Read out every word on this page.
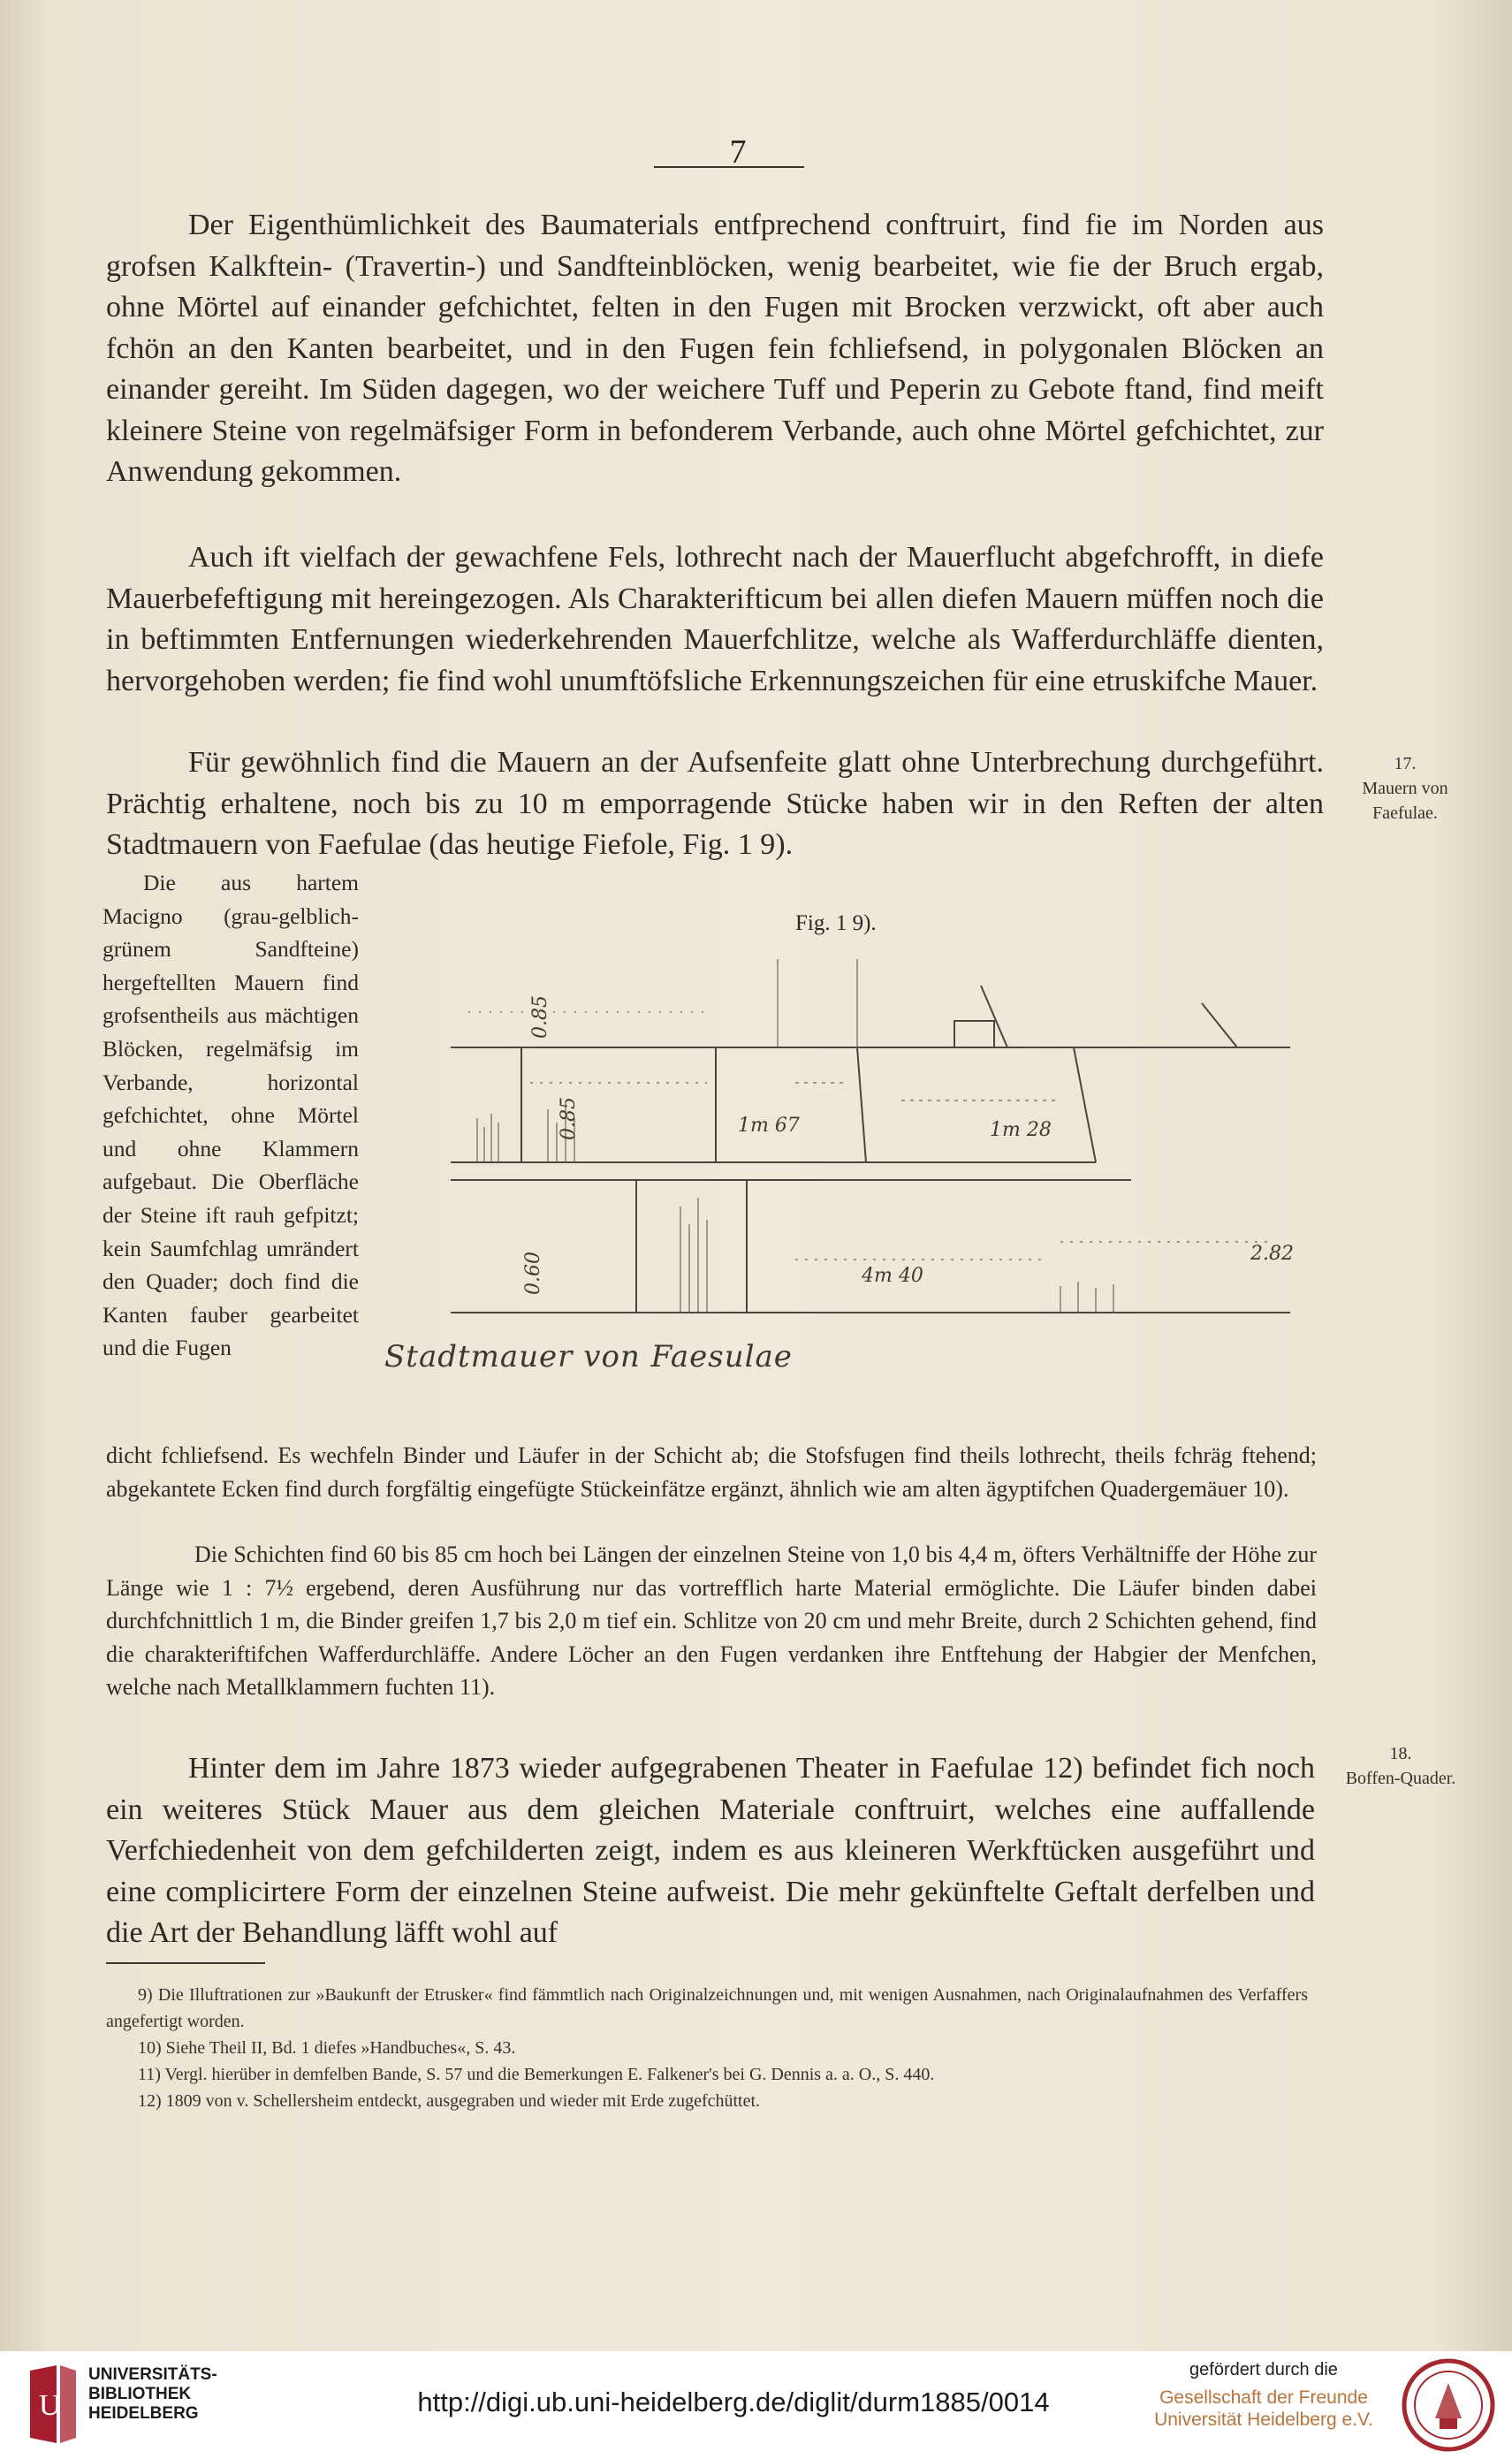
7

Der Eigenthümlichkeit des Baumaterials entfprechend conftruirt, find fie im Norden aus grofsen Kalkftein- (Travertin-) und Sandfteinblöcken, wenig bearbeitet, wie fie der Bruch ergab, ohne Mörtel auf einander gefchichtet, felten in den Fugen mit Brocken verzwickt, oft aber auch fchön an den Kanten bearbeitet, und in den Fugen fein fchliefsend, in polygonalen Blöcken an einander gereiht. Im Süden dagegen, wo der weichere Tuff und Peperin zu Gebote ftand, find meift kleinere Steine von regelmäfsiger Form in befonderem Verbande, auch ohne Mörtel gefchichtet, zur Anwendung gekommen.

Auch ift vielfach der gewachfene Fels, lothrecht nach der Mauerflucht abgefchrofft, in diefe Mauerbefeftigung mit hereingezogen. Als Charakterifticum bei allen diefen Mauern müffen noch die in beftimmten Entfernungen wiederkehrenden Mauerfchlitze, welche als Wafferdurchläffe dienten, hervorgehoben werden; fie find wohl unumftöfsliche Erkennungszeichen für eine etruskifche Mauer.

Für gewöhnlich find die Mauern an der Aufsenfeite glatt ohne Unterbrechung durchgeführt. Prächtig erhaltene, noch bis zu 10 m emporragende Stücke haben wir in den Reften der alten Stadtmauern von Faefulae (das heutige Fiefole, Fig. 1 9).

17.
Mauern von Faefulae.
Die aus hartem Macigno (grau-gelblich-grünem Sandfteine) hergeftellten Mauern find grofsentheils aus mächtigen Blöcken, regelmäfsig im Verbande, horizontal gefchichtet, ohne Mörtel und ohne Klammern aufgebaut. Die Oberfläche der Steine ift rauh gefpitzt; kein Saumfchlag umrändert den Quader; doch find die Kanten fauber gearbeitet und die Fugen
Fig. 1 9).
0.85
0.85
0.60
1m 67	1m 28
4m 40
2.82
Stadtmauer von Faesulae

dicht fchliefsend. Es wechfeln Binder und Läufer in der Schicht ab; die Stofsfugen find theils lothrecht, theils fchräg ftehend; abgekantete Ecken find durch forgfältig eingefügte Stückeinfätze ergänzt, ähnlich wie am alten ägyptifchen Quadergemäuer 10).

Die Schichten find 60 bis 85 cm hoch bei Längen der einzelnen Steine von 1,0 bis 4,4 m, öfters Verhältniffe der Höhe zur Länge wie 1 : 7½ ergebend, deren Ausführung nur das vortrefflich harte Material ermöglichte. Die Läufer binden dabei durchfchnittlich 1 m, die Binder greifen 1,7 bis 2,0 m tief ein. Schlitze von 20 cm und mehr Breite, durch 2 Schichten gehend, find die charakteriftifchen Wafferdurchläffe. Andere Löcher an den Fugen verdanken ihre Entftehung der Habgier der Menfchen, welche nach Metallklammern fuchten 11).

Hinter dem im Jahre 1873 wieder aufgegrabenen Theater in Faefulae 12) befindet fich noch ein weiteres Stück Mauer aus dem gleichen Materiale conftruirt, welches eine auffallende Verfchiedenheit von dem gefchilderten zeigt, indem es aus kleineren Werkftücken ausgeführt und eine complicirtere Form der einzelnen Steine aufweist. Die mehr gekünftelte Geftalt derfelben und die Art der Behandlung läfft wohl auf

18.
Boffen-Quader.

9) Die Illuftrationen zur »Baukunft der Etrusker« find fämmtlich nach Originalzeichnungen und, mit wenigen Ausnahmen, nach Originalaufnahmen des Verfaffers angefertigt worden.

10) Siehe Theil II, Bd. 1 diefes »Handbuches«, S. 43.

11) Vergl. hierüber in demfelben Bande, S. 57 und die Bemerkungen E. Falkener's bei G. Dennis a. a. O., S. 440.

12) 1809 von v. Schellersheim entdeckt, ausgegraben und wieder mit Erde zugefchüttet.

U
UNIVERSITÄTS-
BIBLIOTHEK
HEIDELBERG	http://digi.ub.uni-heidelberg.de/diglit/durm1885/0014
gefördert durch die
Gesellschaft der Freunde
Universität Heidelberg e.V.
